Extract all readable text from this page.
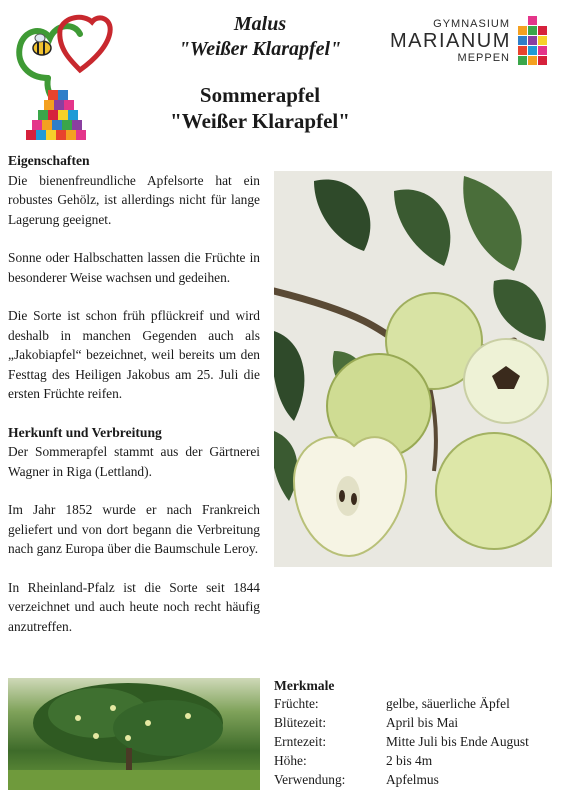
Malus
"Weißer Klarapfel"
Sommerapfel
"Weißer Klarapfel"
GYMNASIUM
MARIANUM
MEPPEN
Eigenschaften

Die bienenfreundliche Apfelsorte hat ein robustes Gehölz, ist allerdings nicht für lange Lagerung geeignet.

Sonne oder Halbschatten lassen die Früchte in besonderer Weise wachsen und gedeihen.

Die Sorte ist schon früh pflückreif und wird deshalb in manchen Gegenden auch als „Jakobiapfel“ bezeichnet, weil bereits um den Festtag des Heiligen Jakobus am 25. Juli die ersten Früchte reifen.

Herkunft und Verbreitung

Der Sommerapfel stammt aus der Gärtnerei Wagner in Riga (Lettland).

Im Jahr 1852 wurde er nach Frankreich geliefert und von dort begann die Verbreitung nach ganz Europa über die Baumschule Leroy.

In Rheinland-Pfalz ist die Sorte seit 1844 verzeichnet und auch heute noch recht häufig anzutreffen.

Merkmale
Früchte:	gelbe, säuerliche Äpfel
Blütezeit:	April bis Mai
Erntezeit:	Mitte Juli bis Ende August
Höhe:	2 bis 4m
Verwendung:	Apfelmus
